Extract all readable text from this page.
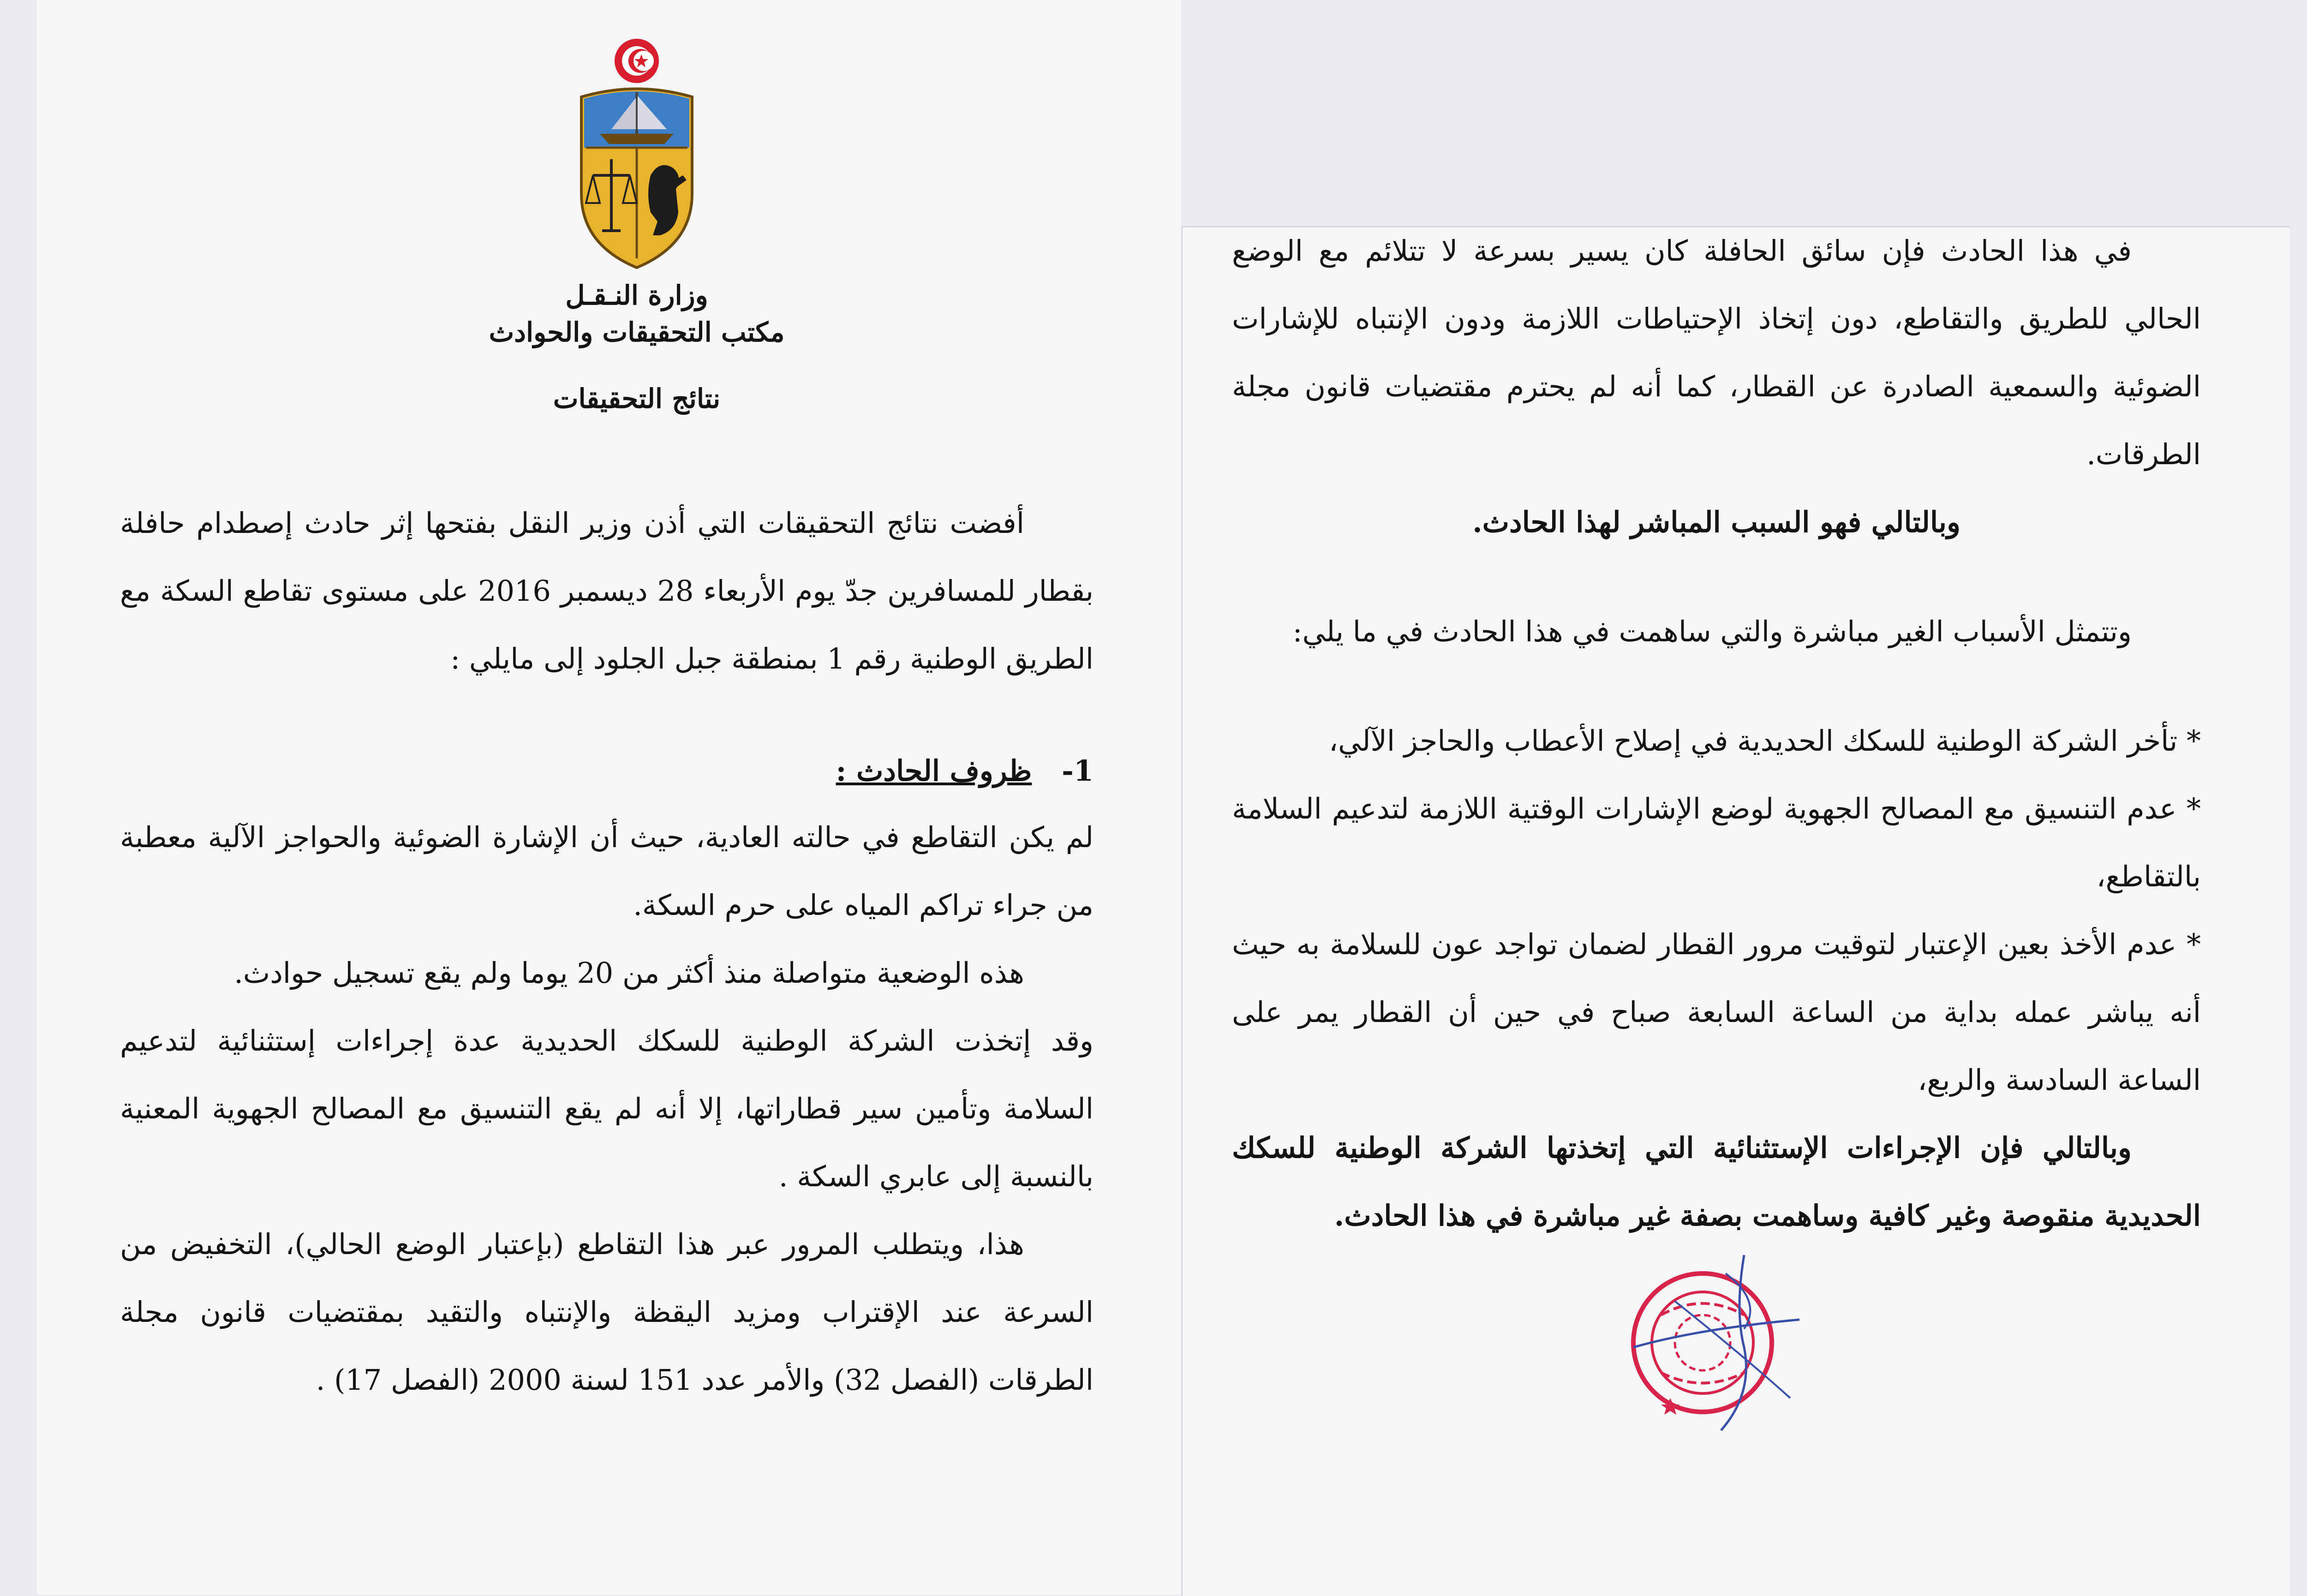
وزارة النـقـل
مكتب التحقيقات والحوادث
نتائج التحقيقات

أفضت نتائج التحقيقات التي أذن وزير النقل بفتحها إثر حادث إصطدام حافلة بقطار للمسافرين جدّ يوم الأربعاء 28 ديسمبر 2016 على مستوى تقاطع السكة مع الطريق الوطنية رقم 1 بمنطقة جبل الجلود إلى مايلي :

1-   ظروف الحادث :

لم يكن التقاطع في حالته العادية، حيث أن الإشارة الضوئية والحواجز الآلية معطبة من جراء تراكم المياه على حرم السكة.

هذه الوضعية متواصلة منذ أكثر من 20 يوما ولم يقع تسجيل حوادث.

وقد إتخذت الشركة الوطنية للسكك الحديدية عدة إجراءات إستثنائية لتدعيم السلامة وتأمين سير قطاراتها، إلا أنه لم يقع التنسيق مع المصالح الجهوية المعنية بالنسبة إلى عابري السكة .

هذا، ويتطلب المرور عبر هذا التقاطع (بإعتبار الوضع الحالي)، التخفيض من السرعة عند الإقتراب ومزيد اليقظة والإنتباه والتقيد بمقتضيات قانون مجلة الطرقات (الفصل 32) والأمر عدد 151 لسنة 2000 (الفصل 17) .

في هذا الحادث فإن سائق الحافلة كان يسير بسرعة لا تتلائم مع الوضع الحالي للطريق والتقاطع، دون إتخاذ الإحتياطات اللازمة ودون الإنتباه للإشارات الضوئية والسمعية الصادرة عن القطار، كما أنه لم يحترم مقتضيات قانون مجلة الطرقات.

وبالتالي فهو السبب المباشر لهذا الحادث.

وتتمثل الأسباب الغير مباشرة والتي ساهمت في هذا الحادث في ما يلي:

* تأخر الشركة الوطنية للسكك الحديدية في إصلاح الأعطاب والحاجز الآلي،

* عدم التنسيق مع المصالح الجهوية لوضع الإشارات الوقتية اللازمة لتدعيم السلامة بالتقاطع،

* عدم الأخذ بعين الإعتبار لتوقيت مرور القطار لضمان تواجد عون للسلامة به حيث أنه يباشر عمله بداية من الساعة السابعة صباح في حين أن القطار يمر على الساعة السادسة والربع،

وبالتالي فإن الإجراءات الإستثنائية التي إتخذتها الشركة الوطنية للسكك الحديدية منقوصة وغير كافية وساهمت بصفة غير مباشرة في هذا الحادث.
